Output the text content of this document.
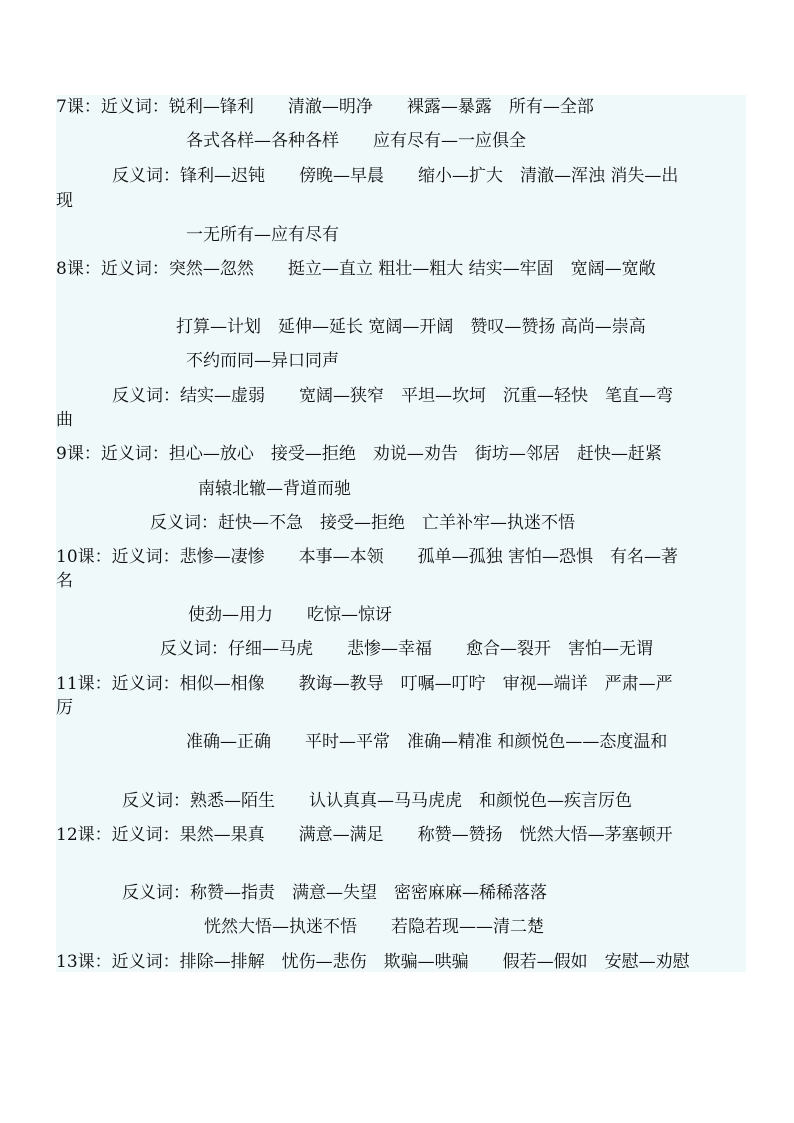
7课：近义词：锐利—锋利　　清澈—明净　　裸露—暴露　所有—全部
各式各样—各种各样　　应有尽有—一应俱全
反义词：锋利—迟钝　　傍晚—早晨　　缩小—扩大　清澈—浑浊 消失—出
现
一无所有—应有尽有
8课：近义词：突然—忽然　　挺立—直立 粗壮—粗大 结实—牢固　宽阔—宽敞
打算—计划　延伸—延长 宽阔—开阔　赞叹—赞扬 高尚—崇高
不约而同—异口同声
反义词：结实—虚弱　　宽阔—狭窄　平坦—坎坷　沉重—轻快　笔直—弯
曲
9课：近义词：担心—放心　接受—拒绝　劝说—劝告　街坊—邻居　赶快—赶紧
南辕北辙—背道而驰
反义词：赶快—不急　接受—拒绝　亡羊补牢—执迷不悟
10课：近义词：悲惨—凄惨　　本事—本领　　孤单—孤独 害怕—恐惧　有名—著
名
使劲—用力　　吃惊—惊讶
反义词：仔细—马虎　　悲惨—幸福　　愈合—裂开　害怕—无谓
11课：近义词：相似—相像　　教诲—教导　叮嘱—叮咛　审视—端详　严肃—严
厉
准确—正确　　平时—平常　准确—精准 和颜悦色——态度温和
反义词：熟悉—陌生　　认认真真—马马虎虎　和颜悦色—疾言厉色
12课：近义词：果然—果真　　满意—满足　　称赞—赞扬　恍然大悟—茅塞顿开
反义词：称赞—指责　满意—失望　密密麻麻—稀稀落落
恍然大悟—执迷不悟　　若隐若现——清二楚
13课：近义词：排除—排解　忧伤—悲伤　欺骗—哄骗　　假若—假如　安慰—劝慰
